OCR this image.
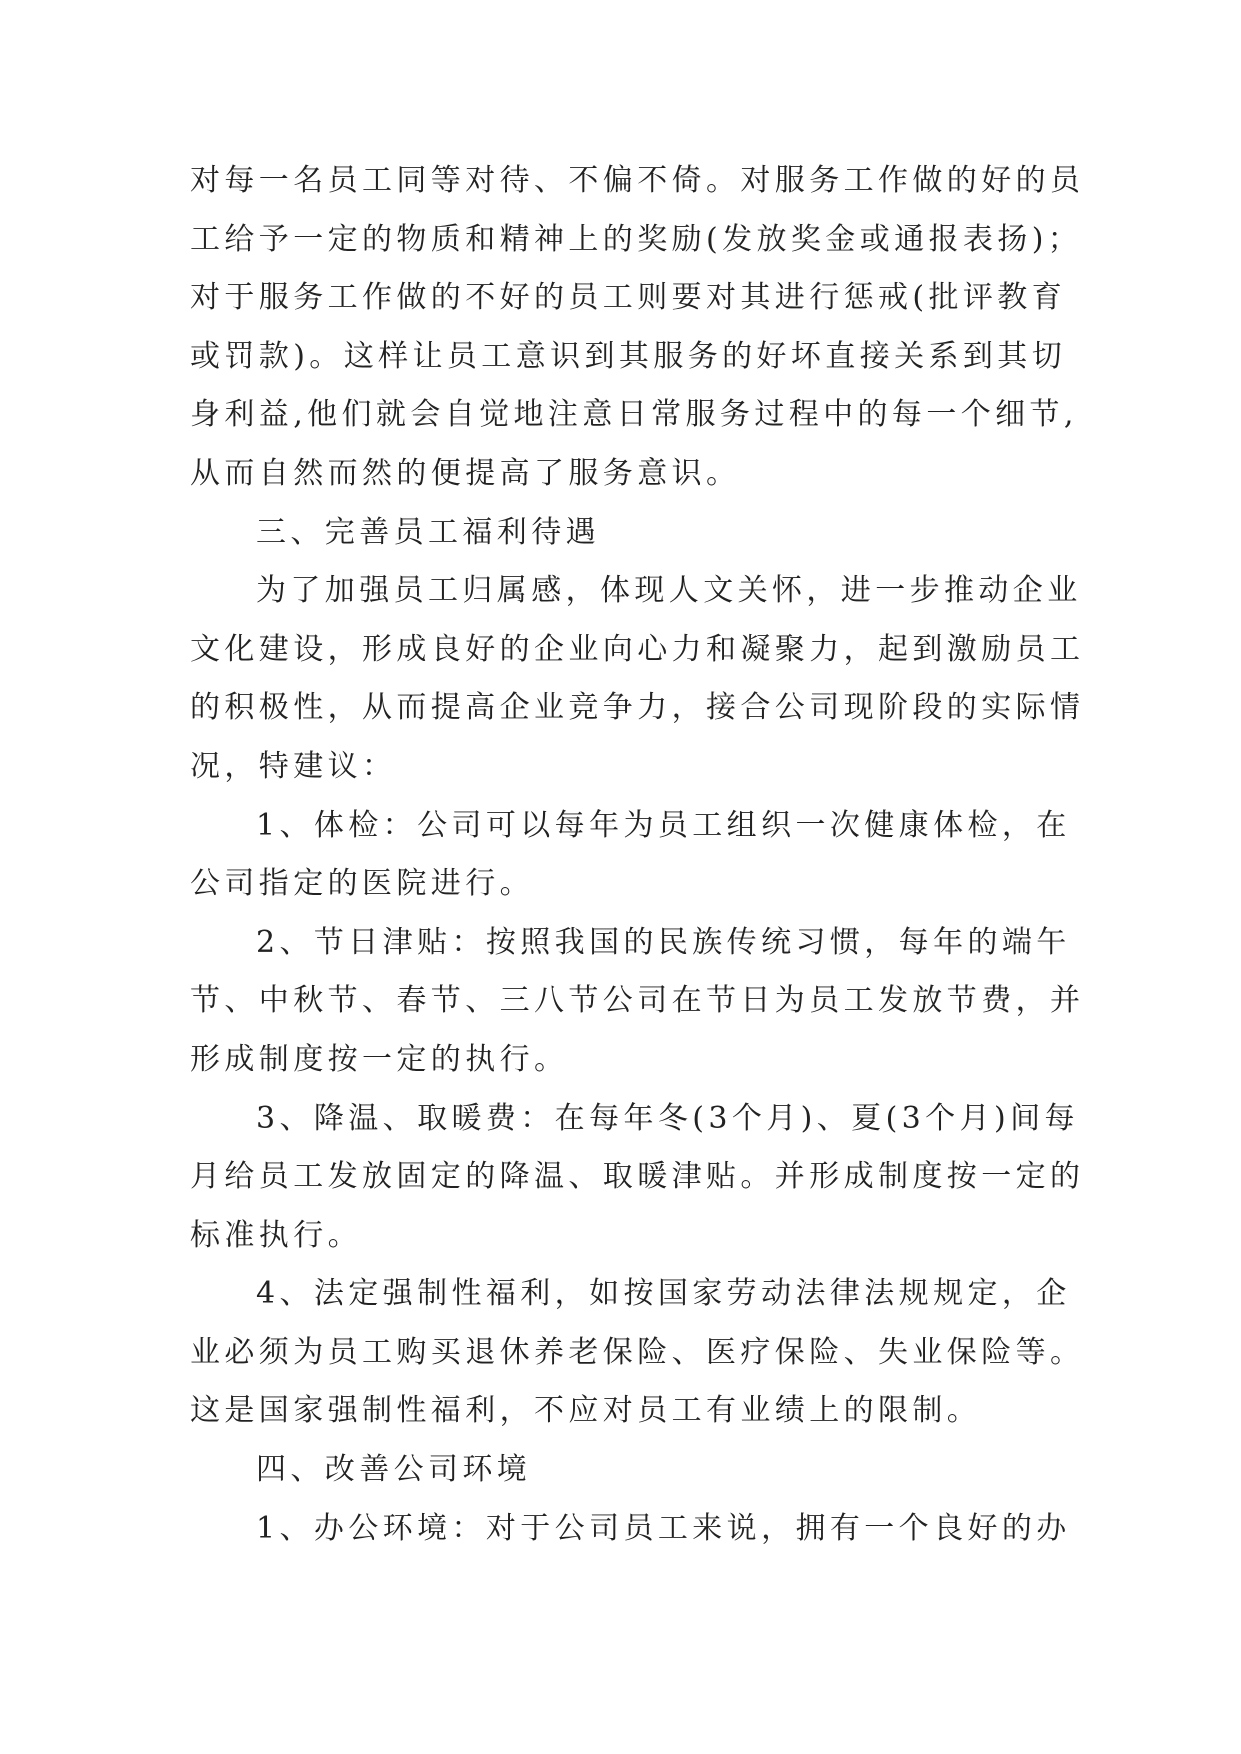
对每一名员工同等对待、不偏不倚。对服务工作做的好的员
工给予一定的物质和精神上的奖励(发放奖金或通报表扬)；
对于服务工作做的不好的员工则要对其进行惩戒(批评教育
或罚款)。这样让员工意识到其服务的好坏直接关系到其切
身利益,他们就会自觉地注意日常服务过程中的每一个细节,
从而自然而然的便提高了服务意识。

三、完善员工福利待遇

为了加强员工归属感，体现人文关怀，进一步推动企业
文化建设，形成良好的企业向心力和凝聚力，起到激励员工
的积极性，从而提高企业竞争力，接合公司现阶段的实际情
况，特建议：

1、体检：公司可以每年为员工组织一次健康体检，在
公司指定的医院进行。

2、节日津贴：按照我国的民族传统习惯，每年的端午
节、中秋节、春节、三八节公司在节日为员工发放节费，并
形成制度按一定的执行。

3、降温、取暖费：在每年冬(3个月)、夏(3个月)间每
月给员工发放固定的降温、取暖津贴。并形成制度按一定的
标准执行。

4、法定强制性福利，如按国家劳动法律法规规定，企
业必须为员工购买退休养老保险、医疗保险、失业保险等。
这是国家强制性福利，不应对员工有业绩上的限制。

四、改善公司环境

1、办公环境：对于公司员工来说，拥有一个良好的办
